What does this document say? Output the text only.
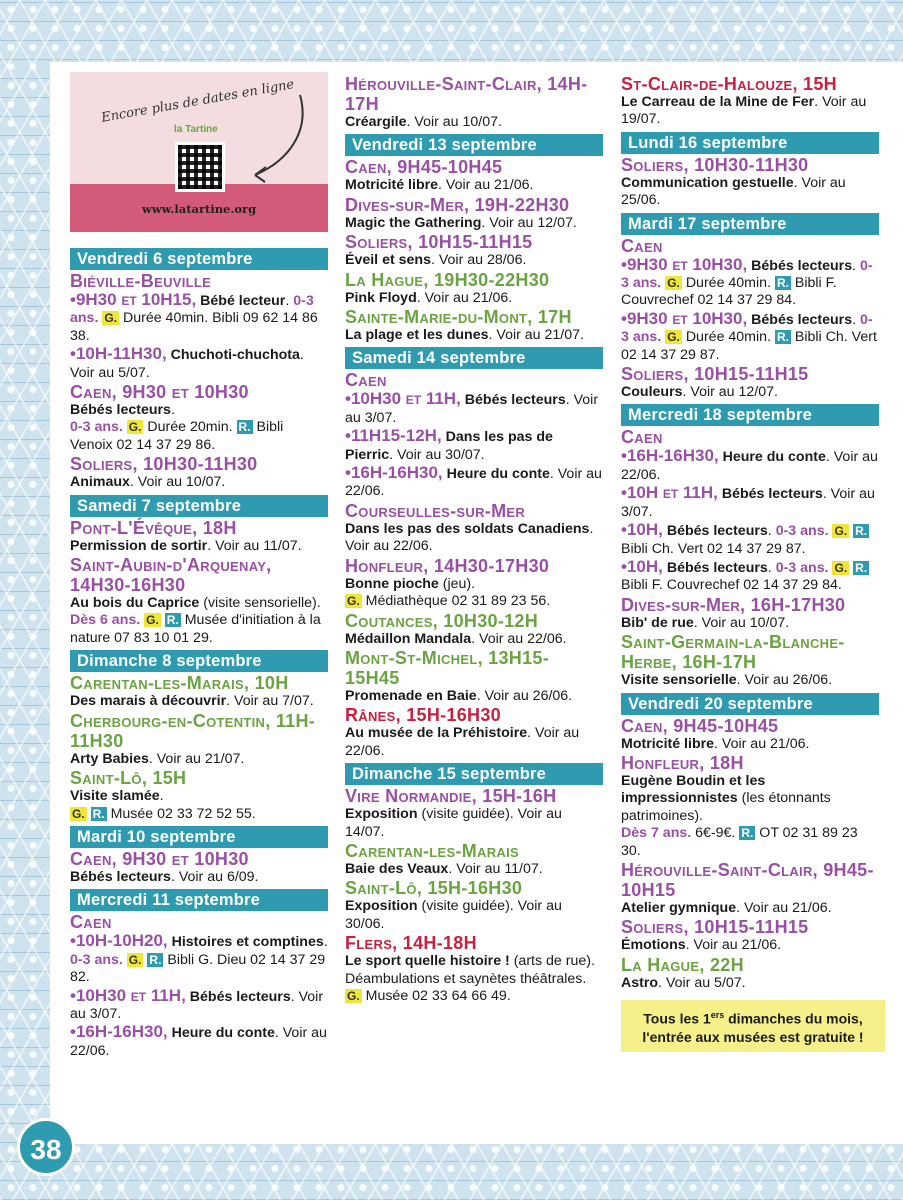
Encore plus de dates en ligne
la Tartine
www.latartine.org
Vendredi 6 septembre
Biéville-Beuville

•9H30 et 10H15, Bébé lecteur. 0-3 ans. G. Durée 40min. Bibli 09 62 14 86 38.

•10H-11H30, Chuchoti-chuchota. Voir au 5/07.

Caen, 9H30 et 10H30

Bébés lecteurs.
0-3 ans. G. Durée 20min. R. Bibli Venoix 02 14 37 29 86.

Soliers, 10H30-11H30

Animaux. Voir au 10/07.

Samedi 7 septembre
Pont-L'Évêque, 18H

Permission de sortir. Voir au 11/07.

Saint-Aubin-d'Arquenay, 14H30-16H30

Au bois du Caprice (visite sensorielle).
Dès 6 ans. G. R. Musée d'initiation à la nature 07 83 10 01 29.

Dimanche 8 septembre
Carentan-les-Marais, 10H

Des marais à découvrir. Voir au 7/07.

Cherbourg-en-Cotentin, 11H-11H30

Arty Babies. Voir au 21/07.

Saint-Lô, 15H

Visite slamée.
G. R. Musée 02 33 72 52 55.

Mardi 10 septembre
Caen, 9H30 et 10H30

Bébés lecteurs. Voir au 6/09.

Mercredi 11 septembre
Caen

•10H-10H20, Histoires et comptines. 0-3 ans. G. R. Bibli G. Dieu 02 14 37 29 82.

•10H30 et 11H, Bébés lecteurs. Voir au 3/07.

•16H-16H30, Heure du conte. Voir au 22/06.

Hérouville-Saint-Clair, 14H-17H

Créargile. Voir au 10/07.

Vendredi 13 septembre
Caen, 9H45-10H45

Motricité libre. Voir au 21/06.

Dives-sur-Mer, 19H-22H30

Magic the Gathering. Voir au 12/07.

Soliers, 10H15-11H15

Éveil et sens. Voir au 28/06.

La Hague, 19H30-22H30

Pink Floyd. Voir au 21/06.

Sainte-Marie-du-Mont, 17H

La plage et les dunes. Voir au 21/07.

Samedi 14 septembre
Caen

•10H30 et 11H, Bébés lecteurs. Voir au 3/07.

•11H15-12H, Dans les pas de Pierric. Voir au 30/07.

•16H-16H30, Heure du conte. Voir au 22/06.

Courseulles-sur-Mer

Dans les pas des soldats Canadiens. Voir au 22/06.

Honfleur, 14H30-17H30

Bonne pioche (jeu).
G. Médiathèque 02 31 89 23 56.

Coutances, 10H30-12H

Médaillon Mandala. Voir au 22/06.

Mont-St-Michel, 13H15-15H45

Promenade en Baie. Voir au 26/06.

Rânes, 15H-16H30

Au musée de la Préhistoire. Voir au 22/06.

Dimanche 15 septembre
Vire Normandie, 15H-16H

Exposition (visite guidée). Voir au 14/07.

Carentan-les-Marais

Baie des Veaux. Voir au 11/07.

Saint-Lô, 15H-16H30

Exposition (visite guidée). Voir au 30/06.

Flers, 14H-18H

Le sport quelle histoire ! (arts de rue). Déambulations et saynètes théâtrales.
G. Musée 02 33 64 66 49.

St-Clair-de-Halouze, 15H

Le Carreau de la Mine de Fer. Voir au 19/07.

Lundi 16 septembre
Soliers, 10H30-11H30

Communication gestuelle. Voir au 25/06.

Mardi 17 septembre
Caen

•9H30 et 10H30, Bébés lecteurs. 0-3 ans. G. Durée 40min. R. Bibli F. Couvrechef 02 14 37 29 84.

•9H30 et 10H30, Bébés lecteurs. 0-3 ans. G. Durée 40min. R. Bibli Ch. Vert 02 14 37 29 87.

Soliers, 10H15-11H15

Couleurs. Voir au 12/07.

Mercredi 18 septembre
Caen

•16H-16H30, Heure du conte. Voir au 22/06.

•10H et 11H, Bébés lecteurs. Voir au 3/07.

•10H, Bébés lecteurs. 0-3 ans. G. R. Bibli Ch. Vert 02 14 37 29 87.

•10H, Bébés lecteurs. 0-3 ans. G. R. Bibli F. Couvrechef 02 14 37 29 84.

Dives-sur-Mer, 16H-17H30

Bib' de rue. Voir au 10/07.

Saint-Germain-la-Blanche-Herbe, 16H-17H

Visite sensorielle. Voir au 26/06.

Vendredi 20 septembre
Caen, 9H45-10H45

Motricité libre. Voir au 21/06.

Honfleur, 18H

Eugène Boudin et les impressionnistes (les étonnants patrimoines).
Dès 7 ans. 6€-9€. R. OT 02 31 89 23 30.

Hérouville-Saint-Clair, 9H45-10H15

Atelier gymnique. Voir au 21/06.

Soliers, 10H15-11H15

Émotions. Voir au 21/06.

La Hague, 22H

Astro. Voir au 5/07.

Tous les 1ers dimanches du mois, l'entrée aux musées est gratuite !
38
